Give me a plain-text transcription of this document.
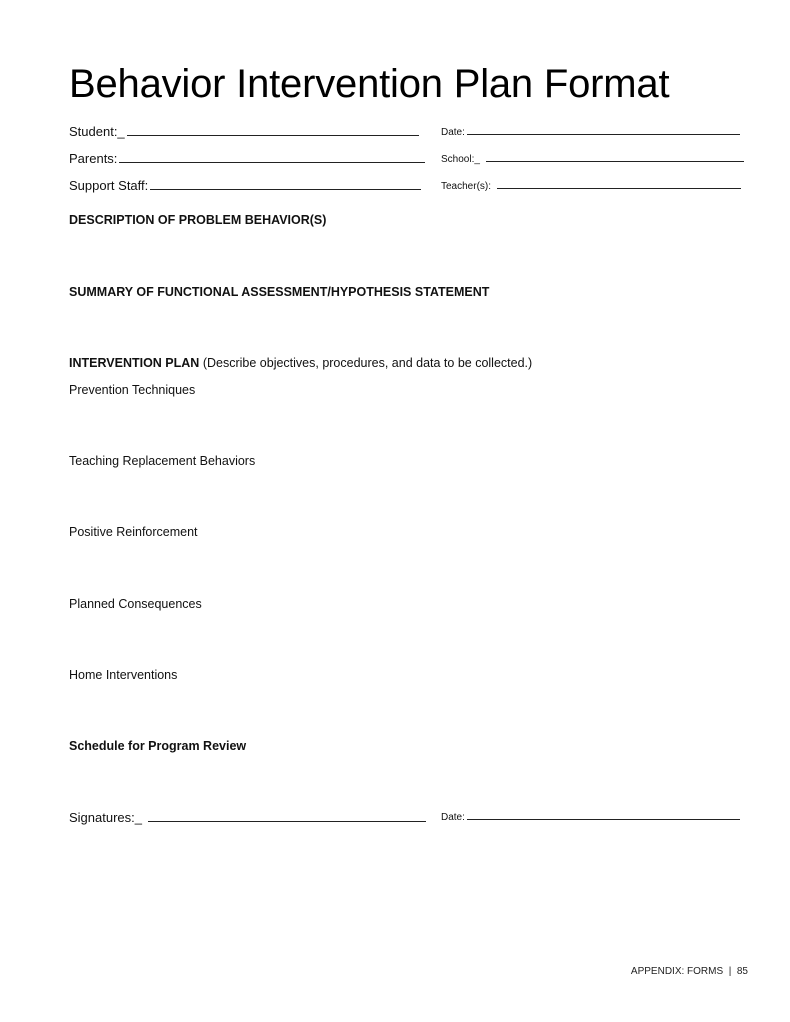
Behavior Intervention Plan Format
Student:_
Parents:
Support Staff:
Date:
School:_
Teacher(s):
DESCRIPTION OF PROBLEM BEHAVIOR(S)
SUMMARY OF FUNCTIONAL ASSESSMENT/HYPOTHESIS STATEMENT
INTERVENTION PLAN (Describe objectives, procedures, and data to be collected.)
Prevention Techniques
Teaching Replacement Behaviors
Positive Reinforcement
Planned Consequences
Home Interventions
Schedule for Program Review
Signatures:_	Date:
APPENDIX: FORMS  |  85
